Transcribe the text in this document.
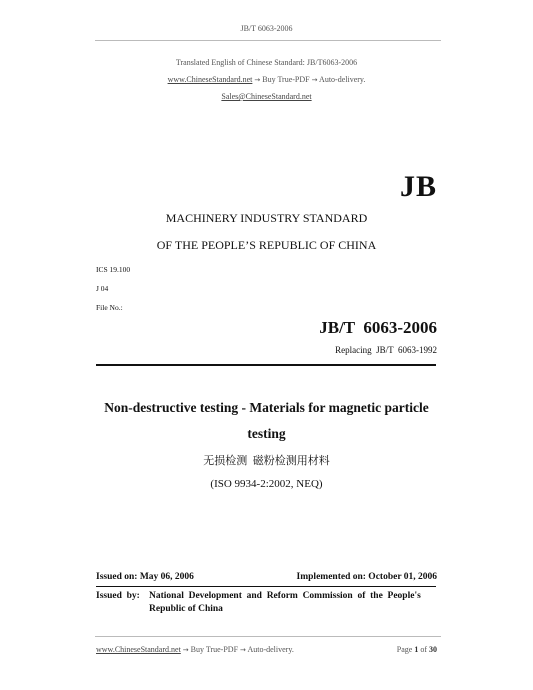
JB/T 6063-2006
Translated English of Chinese Standard: JB/T6063-2006
www.ChineseStandard.net → Buy True-PDF → Auto-delivery.
Sales@ChineseStandard.net
JB
MACHINERY INDUSTRY STANDARD
OF THE PEOPLE’S REPUBLIC OF CHINA
ICS 19.100
J 04
File No.:
JB/T  6063-2006
Replacing  JB/T  6063-1992
Non-destructive testing - Materials for magnetic particle
testing
无损检测  磁粉检测用材料
(ISO 9934-2:2002, NEQ)
Issued on: May 06, 2006	Implemented on: October 01, 2006
Issued  by: National  Development  and  Reform  Commission  of  the  People's
Republic of China
www.ChineseStandard.net → Buy True-PDF → Auto-delivery.	Page 1 of 30
